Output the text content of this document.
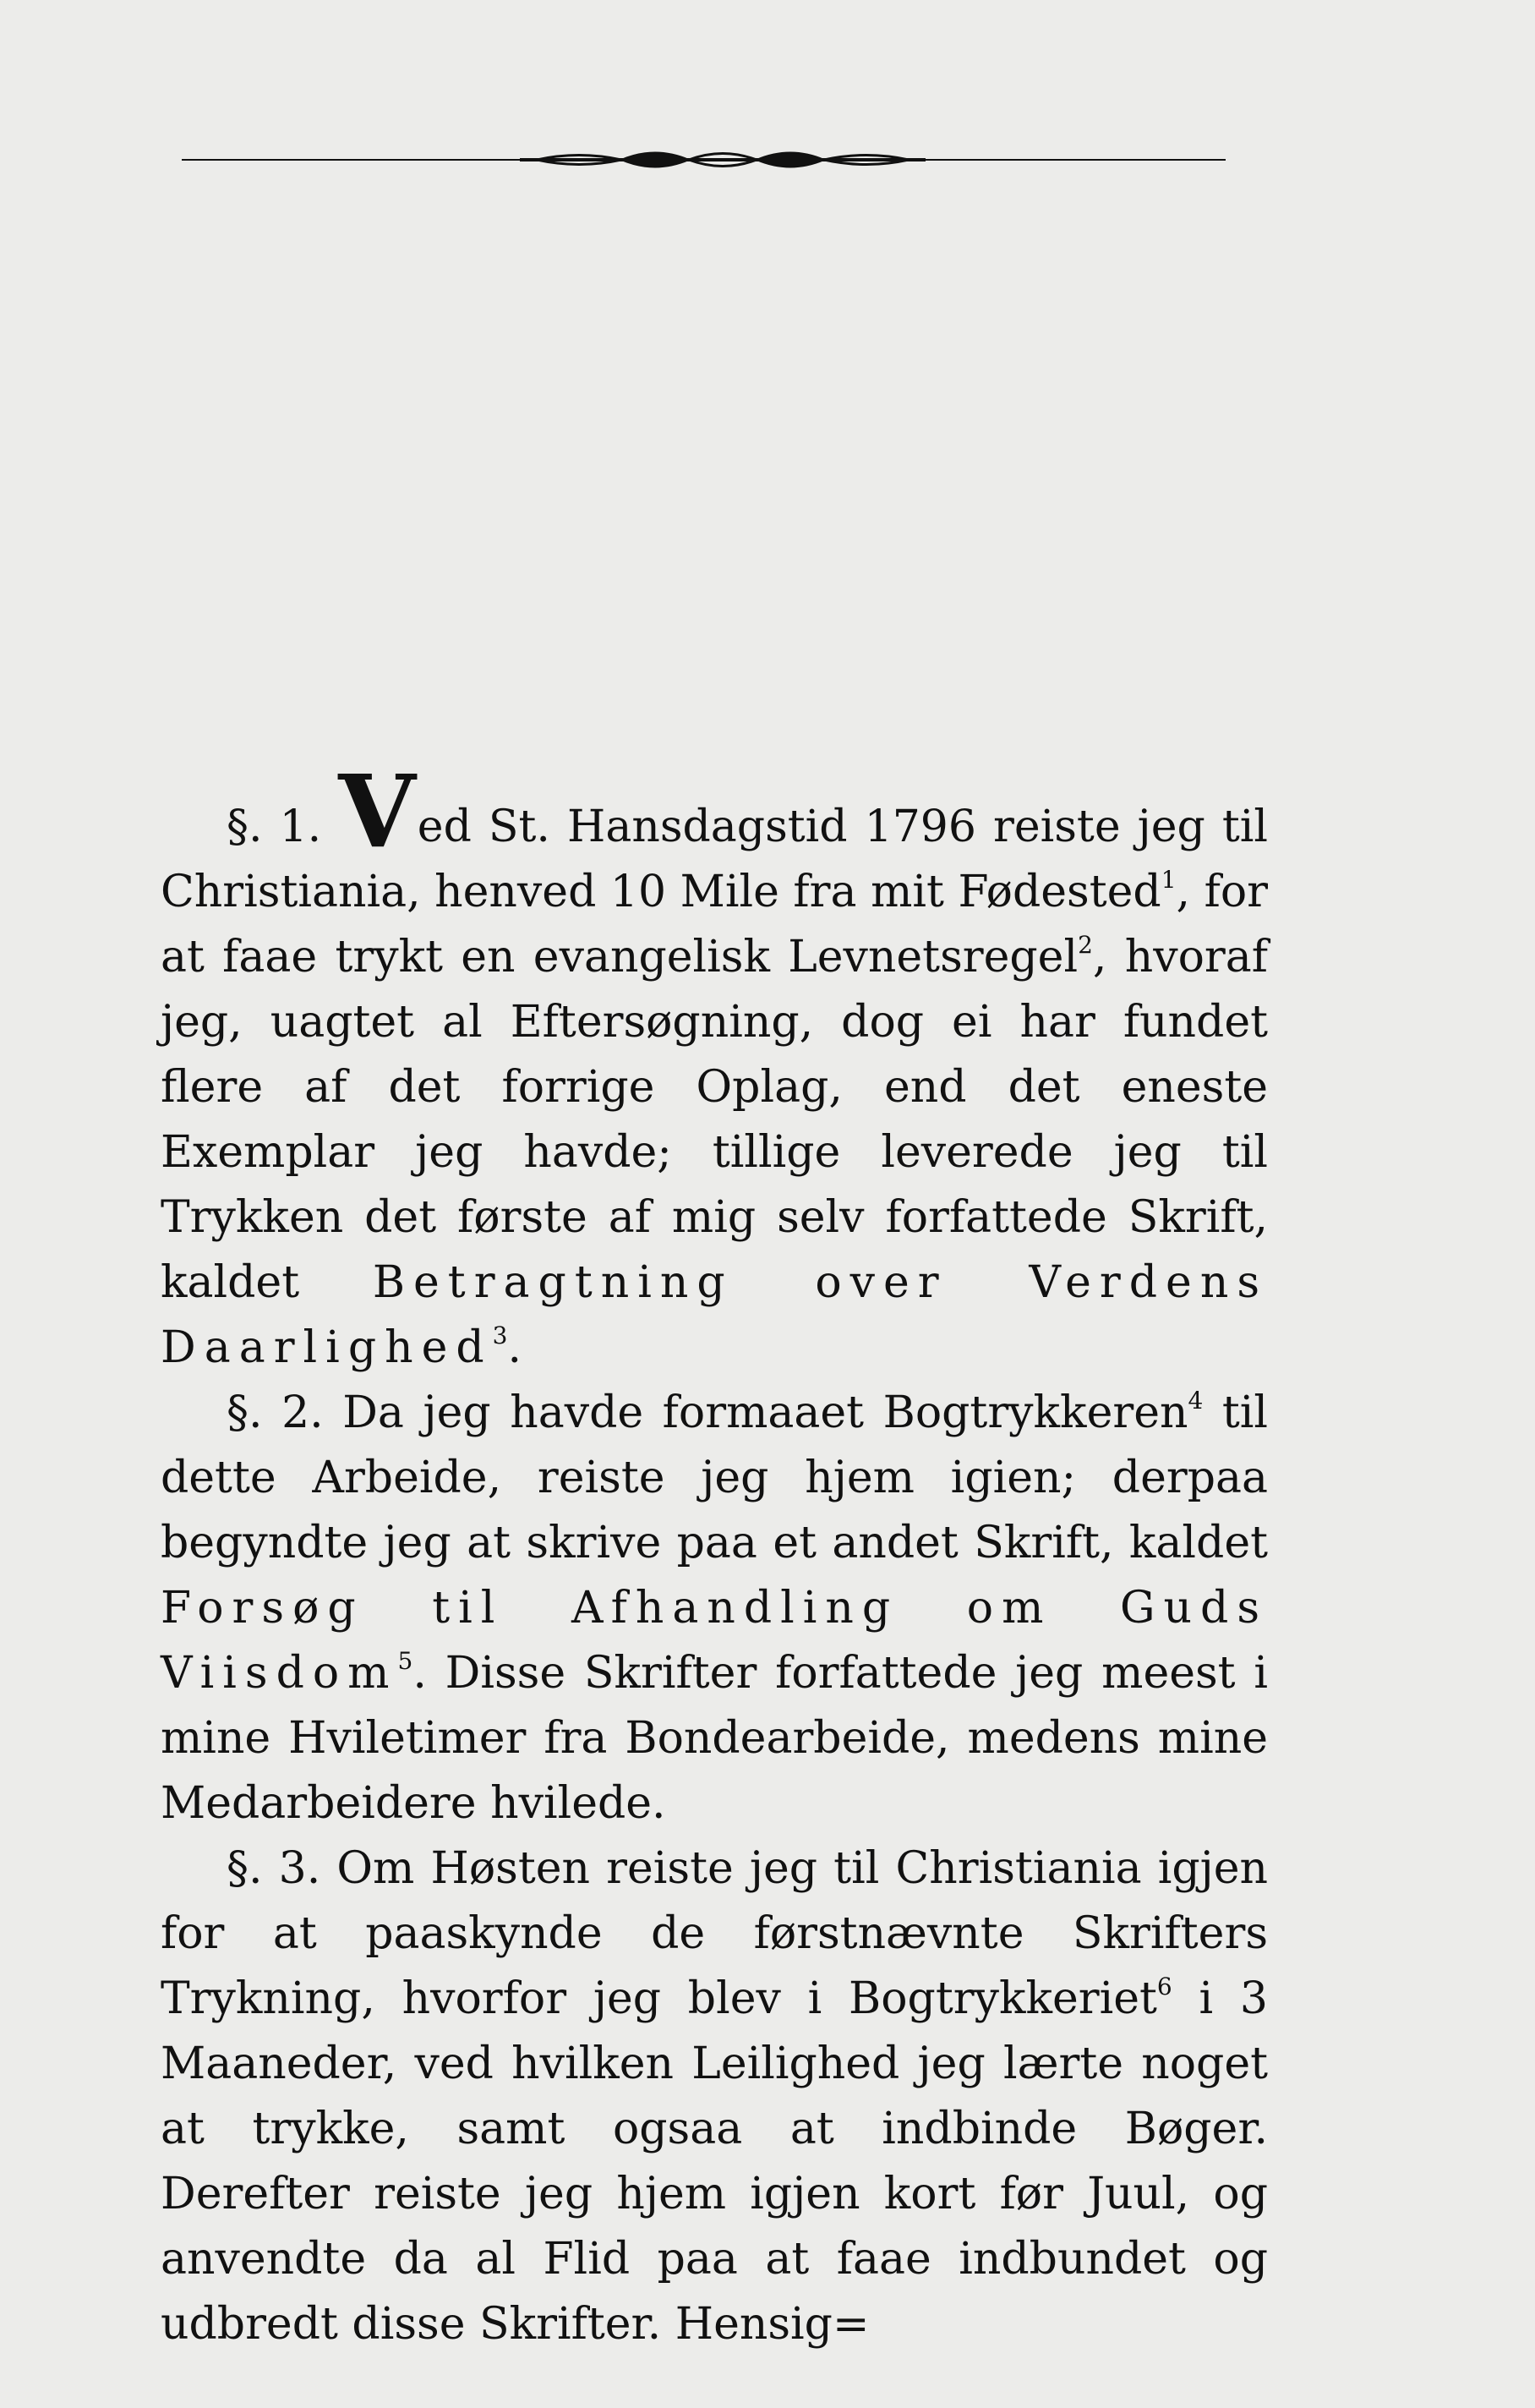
§. 1. Ved St. Hansdagstid 1796 reiste jeg til Christiania, henved 10 Mile fra mit Fødested$^1$, for at faae trykt en evangelisk Levnetsregel$^2$, hvoraf jeg, uagtet al Eftersøgning, dog ei har fundet flere af det forrige Oplag, end det eneste Exemplar jeg havde; tillige leverede jeg til Trykken det første af mig selv forfattede Skrift, kaldet Betragtning over Verdens Daarlighed$^3$.

§. 2. Da jeg havde formaaet Bogtrykkeren$^4$ til dette Arbeide, reiste jeg hjem igien; derpaa begyndte jeg at skrive paa et andet Skrift, kaldet Forsøg til Afhandling om Guds Viisdom$^5$. Disse Skrifter forfattede jeg meest i mine Hviletimer fra Bondearbeide, medens mine Medarbeidere hvilede.

§. 3. Om Høsten reiste jeg til Christiania igjen for at paaskynde de førstnævnte Skrifters Trykning, hvorfor jeg blev i Bogtrykkeriet$^6$ i 3 Maaneder, ved hvilken Leilighed jeg lærte noget at trykke, samt ogsaa at indbinde Bøger. Derefter reiste jeg hjem igjen kort før Juul, og anvendte da al Flid paa at faae indbundet og udbredt disse Skrifter. Hensig=
